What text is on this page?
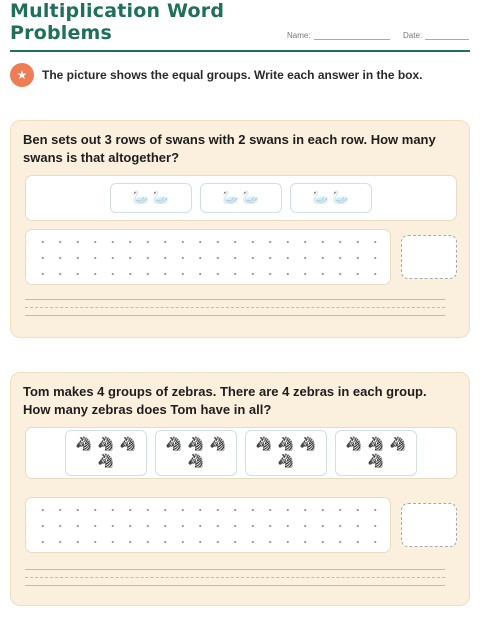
Multiplication Word Problems	Name:	Date:
★	The picture shows the equal groups. Write each answer in the box.
Ben sets out 3 rows of swans with 2 swans in each row. How many swans is that altogether?
🦢 🦢	🦢 🦢	🦢 🦢
Tom makes 4 groups of zebras. There are 4 zebras in each group. How many zebras does Tom have in all?
🦓 🦓 🦓
🦓
🦓 🦓 🦓
🦓
🦓 🦓 🦓
🦓
🦓 🦓 🦓
🦓
